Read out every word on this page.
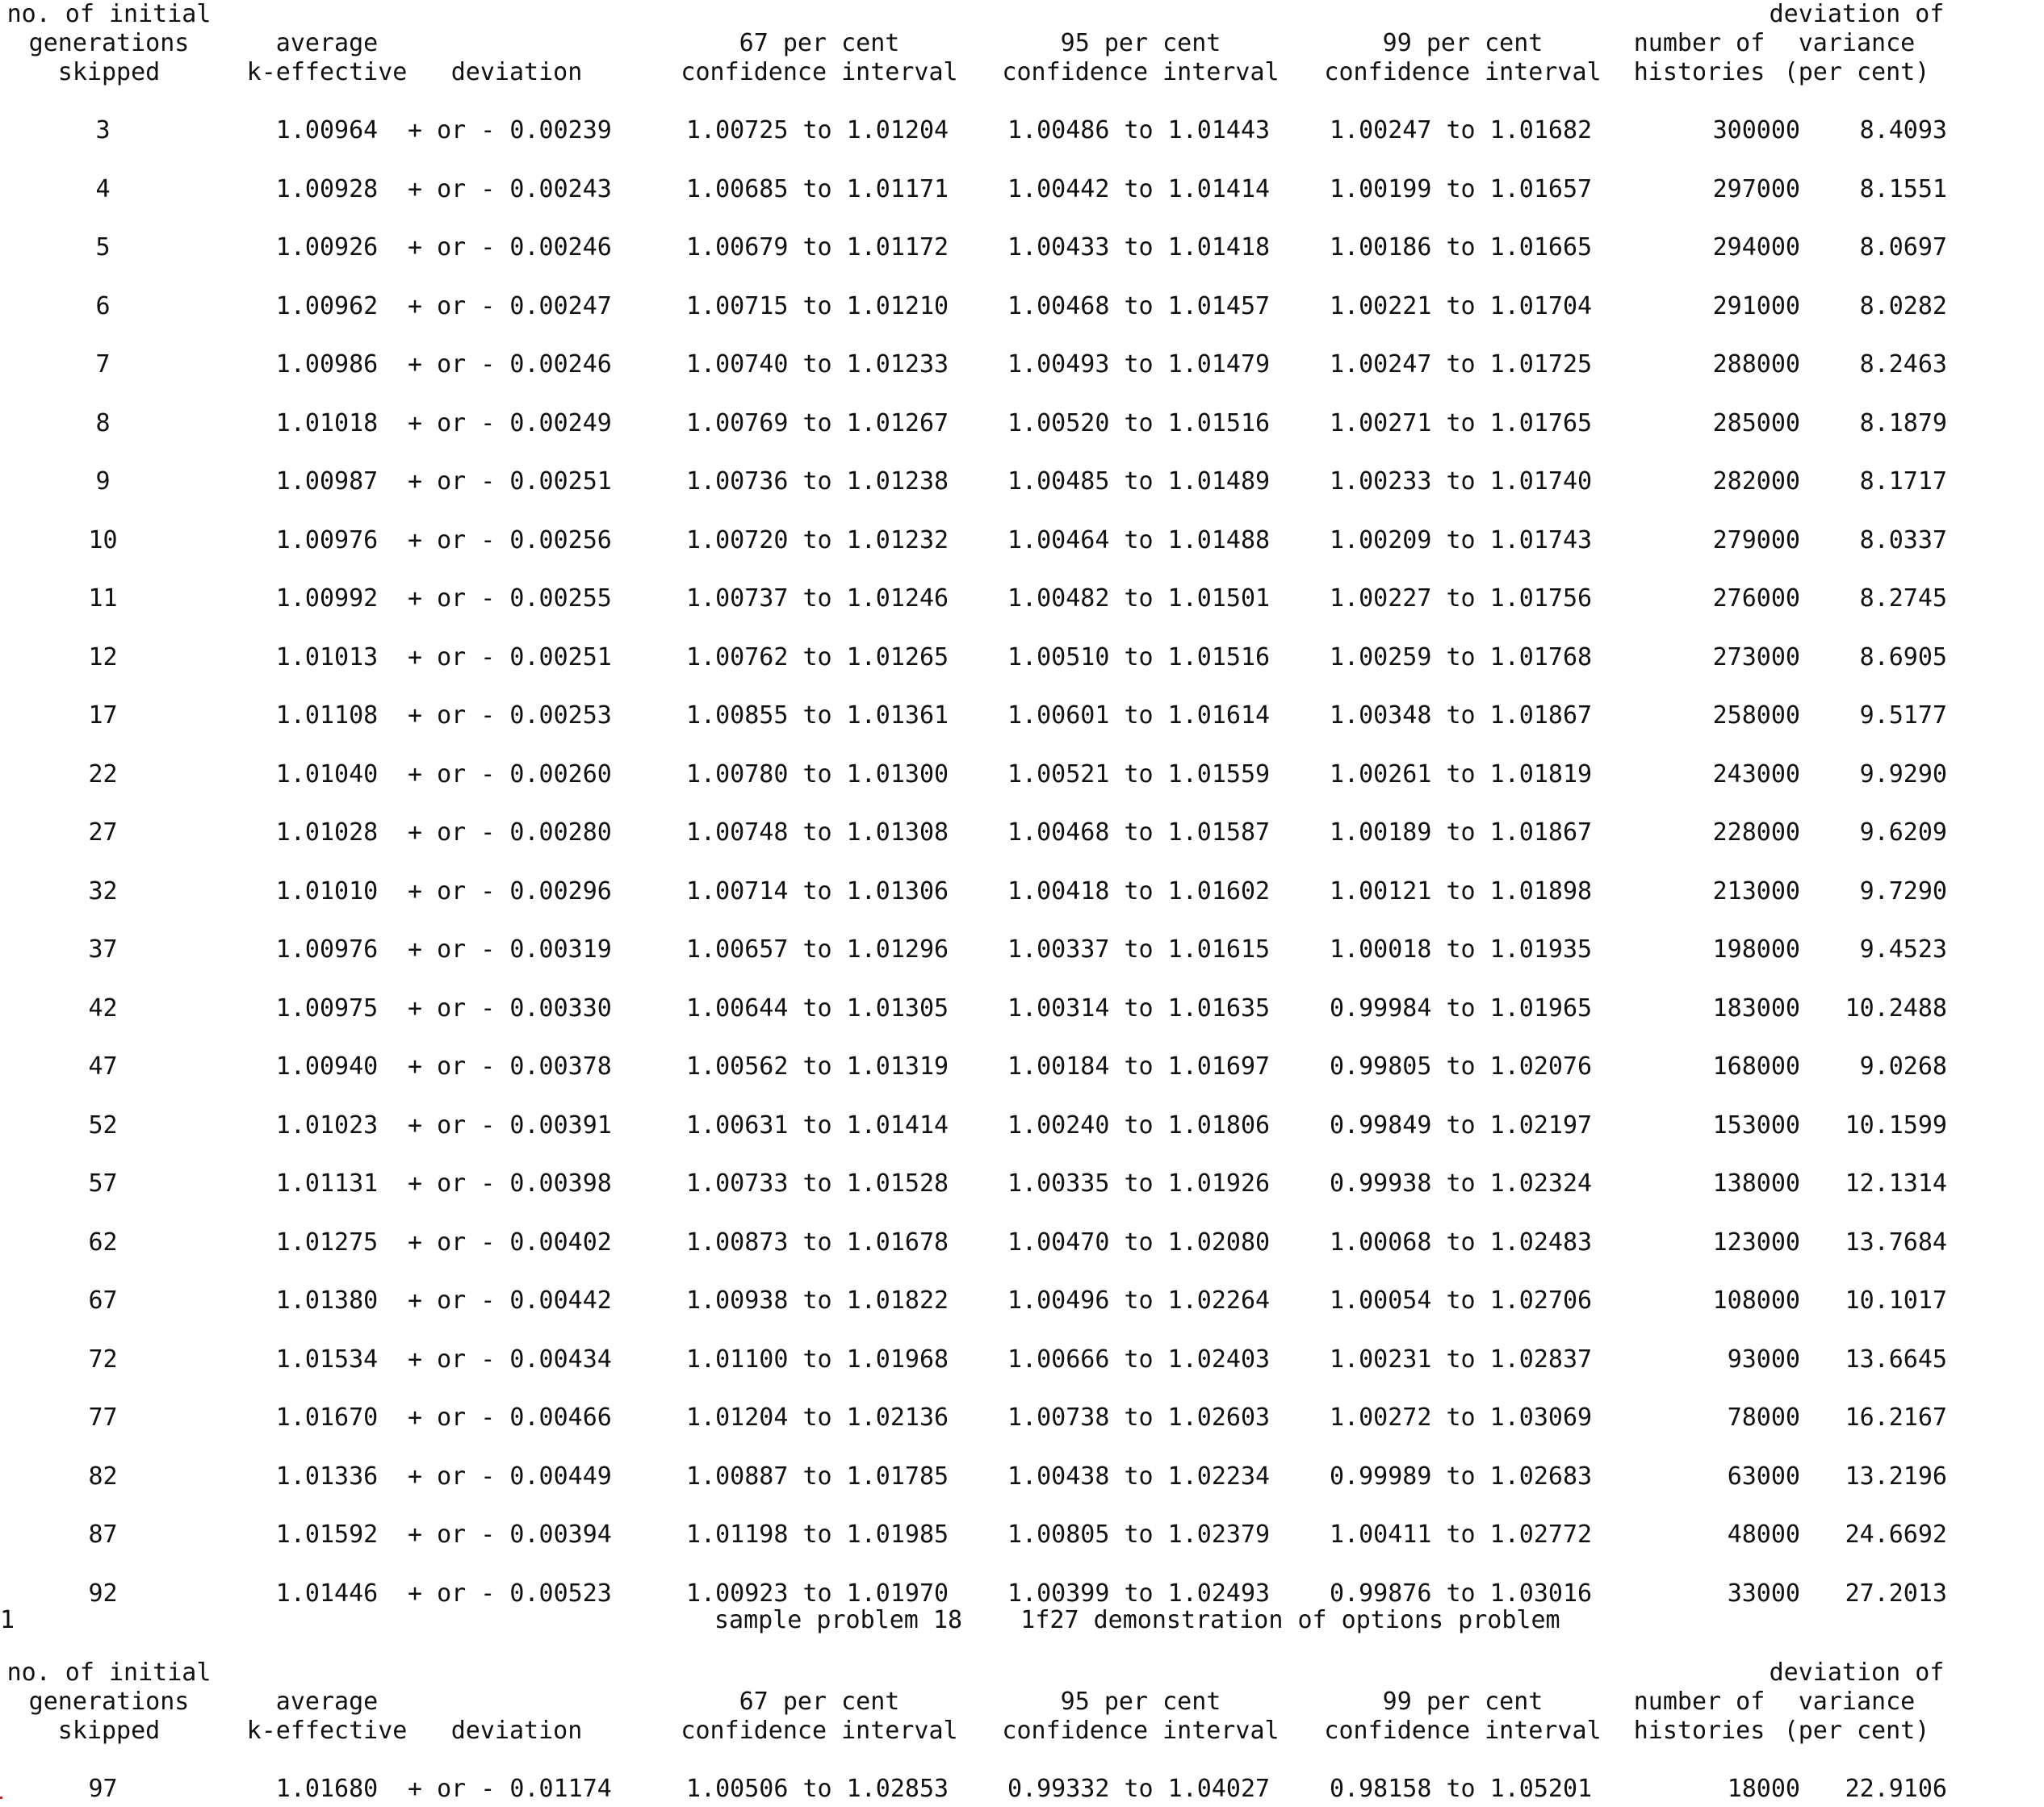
no. of initial
generations
skipped
average
k-effective	deviation
67 per cent
confidence interval
95 per cent
confidence interval
99 per cent
confidence interval
number of
histories
deviation of
variance
(per cent)
3	1.00964	+ or - 0.00239	1.00725 to 1.01204 1.00486 to 1.01443 1.00247 to 1.01682	300000	8.4093
4	1.00928	+ or - 0.00243	1.00685 to 1.01171 1.00442 to 1.01414 1.00199 to 1.01657	297000	8.1551
5	1.00926	+ or - 0.00246	1.00679 to 1.01172 1.00433 to 1.01418 1.00186 to 1.01665	294000	8.0697
6	1.00962	+ or - 0.00247	1.00715 to 1.01210 1.00468 to 1.01457 1.00221 to 1.01704	291000	8.0282
7	1.00986	+ or - 0.00246	1.00740 to 1.01233 1.00493 to 1.01479 1.00247 to 1.01725	288000	8.2463
8	1.01018	+ or - 0.00249	1.00769 to 1.01267 1.00520 to 1.01516 1.00271 to 1.01765	285000	8.1879
9	1.00987	+ or - 0.00251	1.00736 to 1.01238 1.00485 to 1.01489 1.00233 to 1.01740	282000	8.1717
10	1.00976	+ or - 0.00256	1.00720 to 1.01232 1.00464 to 1.01488 1.00209 to 1.01743	279000	8.0337
11	1.00992	+ or - 0.00255	1.00737 to 1.01246 1.00482 to 1.01501 1.00227 to 1.01756	276000	8.2745
12	1.01013	+ or - 0.00251	1.00762 to 1.01265 1.00510 to 1.01516 1.00259 to 1.01768	273000	8.6905
17	1.01108	+ or - 0.00253	1.00855 to 1.01361 1.00601 to 1.01614 1.00348 to 1.01867	258000	9.5177
22	1.01040	+ or - 0.00260	1.00780 to 1.01300 1.00521 to 1.01559 1.00261 to 1.01819	243000	9.9290
27	1.01028	+ or - 0.00280	1.00748 to 1.01308 1.00468 to 1.01587 1.00189 to 1.01867	228000	9.6209
32	1.01010	+ or - 0.00296	1.00714 to 1.01306 1.00418 to 1.01602 1.00121 to 1.01898	213000	9.7290
37	1.00976	+ or - 0.00319	1.00657 to 1.01296 1.00337 to 1.01615 1.00018 to 1.01935	198000	9.4523
42	1.00975	+ or - 0.00330	1.00644 to 1.01305 1.00314 to 1.01635 0.99984 to 1.01965	183000	10.2488
47	1.00940	+ or - 0.00378	1.00562 to 1.01319 1.00184 to 1.01697 0.99805 to 1.02076	168000	9.0268
52	1.01023	+ or - 0.00391	1.00631 to 1.01414 1.00240 to 1.01806 0.99849 to 1.02197	153000	10.1599
57	1.01131	+ or - 0.00398	1.00733 to 1.01528 1.00335 to 1.01926 0.99938 to 1.02324	138000	12.1314
62	1.01275	+ or - 0.00402	1.00873 to 1.01678 1.00470 to 1.02080 1.00068 to 1.02483	123000	13.7684
67	1.01380	+ or - 0.00442	1.00938 to 1.01822 1.00496 to 1.02264 1.00054 to 1.02706	108000	10.1017
72	1.01534	+ or - 0.00434	1.01100 to 1.01968 1.00666 to 1.02403 1.00231 to 1.02837	93000	13.6645
77	1.01670	+ or - 0.00466	1.01204 to 1.02136 1.00738 to 1.02603 1.00272 to 1.03069	78000	16.2167
82	1.01336	+ or - 0.00449	1.00887 to 1.01785 1.00438 to 1.02234 0.99989 to 1.02683	63000	13.2196
87	1.01592	+ or - 0.00394	1.01198 to 1.01985 1.00805 to 1.02379 1.00411 to 1.02772	48000	24.6692
92	1.01446	+ or - 0.00523	1.00923 to 1.01970 1.00399 to 1.02493 0.99876 to 1.03016	33000	27.2013
1	sample problem 18    1f27 demonstration of options problem
no. of initial
generations
skipped
average
k-effective	deviation
67 per cent
confidence interval
95 per cent
confidence interval
99 per cent
confidence interval
number of
histories
deviation of
variance
(per cent)
97	1.01680	+ or - 0.01174	1.00506 to 1.02853 0.99332 to 1.04027 0.98158 to 1.05201	18000	22.9106
